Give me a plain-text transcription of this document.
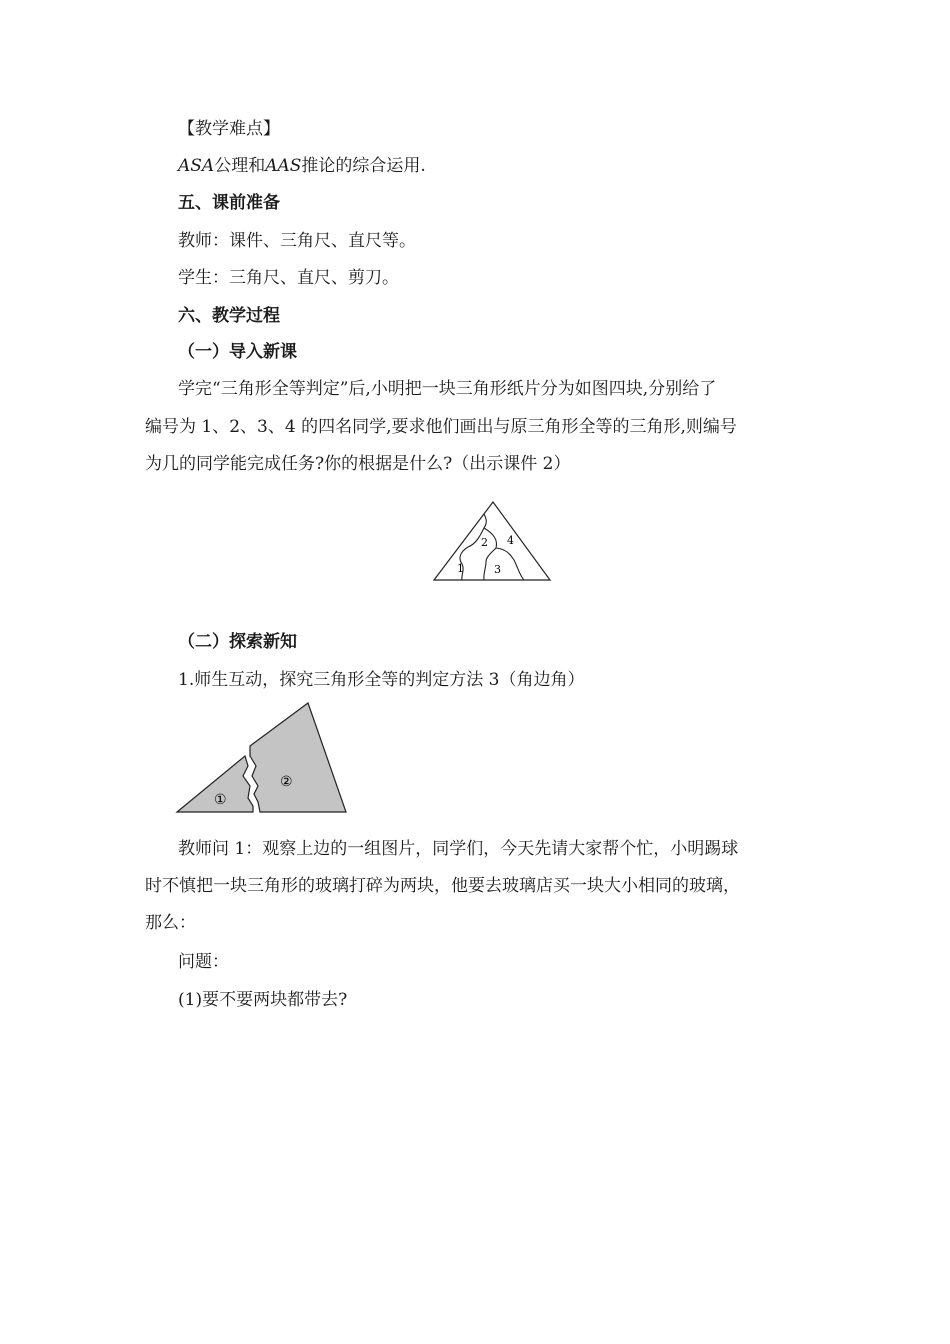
【教学难点】
ASA公理和AAS推论的综合运用.
五、课前准备
教师：课件、三角尺、直尺等。
学生：三角尺、直尺、剪刀。
六、教学过程
（一）导入新课
学完“三角形全等判定”后,小明把一块三角形纸片分为如图四块,分别给了
编号为 1、2、3、4 的四名同学,要求他们画出与原三角形全等的三角形,则编号
为几的同学能完成任务?你的根据是什么?（出示课件 2）
1
2
3
4
（二）探索新知
1.师生互动，探究三角形全等的判定方法 3（角边角）
①
②
教师问 1：观察上边的一组图片，同学们，今天先请大家帮个忙，小明踢球
时不慎把一块三角形的玻璃打碎为两块，他要去玻璃店买一块大小相同的玻璃，
那么：
问题：
(1)要不要两块都带去?
